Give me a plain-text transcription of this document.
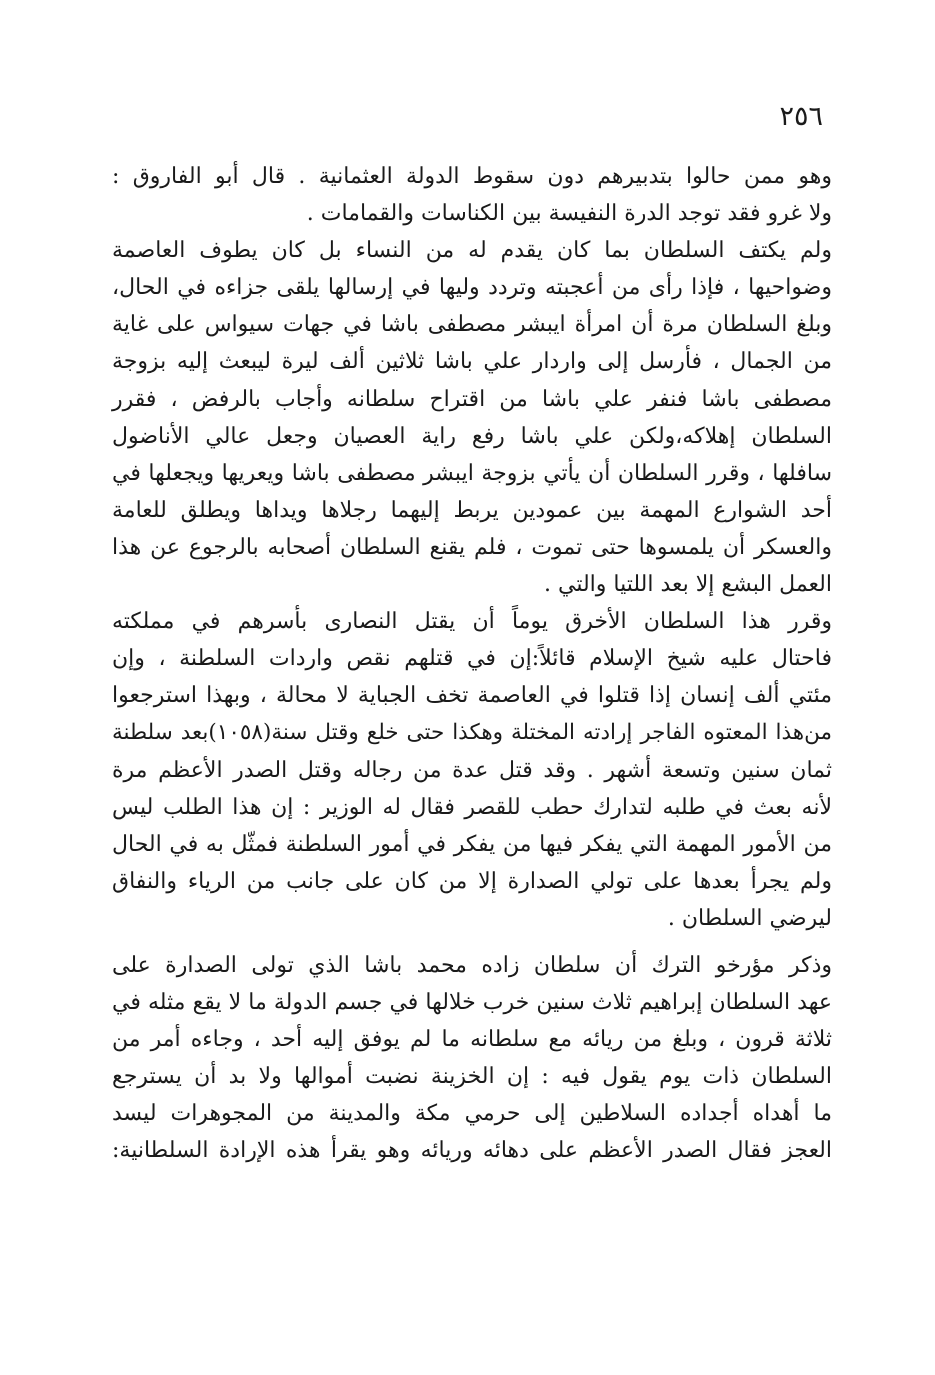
٢٥٦
وهو ممن حالوا بتدبيرهم دون سقوط الدولة العثمانية . قال أبو الفاروق :
ولا غرو فقد توجد الدرة النفيسة بين الكناسات والقمامات .
ولم يكتف السلطان بما كان يقدم له من النساء بل كان يطوف العاصمة
وضواحيها ، فإذا رأى من أعجبته وتردد وليها في إرسالها يلقى جزاءه في الحال،
وبلغ السلطان مرة أن امرأة ايبشر مصطفى باشا في جهات سيواس على غاية
من الجمال ، فأرسل إلى واردار علي باشا ثلاثين ألف ليرة ليبعث إليه بزوجة
مصطفى باشا فنفر علي باشا من اقتراح سلطانه وأجاب بالرفض ، فقرر
السلطان إهلاكه،ولكن علي باشا رفع راية العصيان وجعل عالي الأناضول
سافلها ، وقرر السلطان أن يأتي بزوجة ايبشر مصطفى باشا ويعريها ويجعلها في
أحد الشوارع المهمة بين عمودين يربط إليهما رجلاها ويداها ويطلق للعامة
والعسكر أن يلمسوها حتى تموت ، فلم يقنع السلطان أصحابه بالرجوع عن هذا
العمل البشع إلا بعد اللتيا والتي .
وقرر هذا السلطان الأخرق يوماً أن يقتل النصارى بأسرهم في مملكته
فاحتال عليه شيخ الإسلام قائلاً:إن في قتلهم نقص واردات السلطنة ، وإن
مئتي ألف إنسان إذا قتلوا في العاصمة تخف الجباية لا محالة ، وبهذا استرجعوا
من‌هذا المعتوه الفاجر إرادته المختلة وهكذا حتى خلع وقتل سنة(١٠٥٨)بعد سلطنة
ثمان سنين وتسعة أشهر . وقد قتل عدة من رجاله وقتل الصدر الأعظم مرة
لأنه بعث في طلبه لتدارك حطب للقصر فقال له الوزير : إن هذا الطلب ليس
من الأمور المهمة التي يفكر فيها من يفكر في أمور السلطنة فمثّل به في الحال
ولم يجرأ بعدها على تولي الصدارة إلا من كان على جانب من الرياء والنفاق
ليرضي السلطان .
وذكر مؤرخو الترك أن سلطان زاده محمد باشا الذي تولى الصدارة على
عهد السلطان إبراهيم ثلاث سنين خرب خلالها في جسم الدولة ما لا يقع مثله في
ثلاثة قرون ، وبلغ من ريائه مع سلطانه ما لم يوفق إليه أحد ، وجاءه أمر من
السلطان ذات يوم يقول فيه : إن الخزينة نضبت أموالها ولا بد أن يسترجع
ما أهداه أجداده السلاطين إلى حرمي مكة والمدينة من المجوهرات ليسد
العجز فقال الصدر الأعظم على دهائه وريائه وهو يقرأ هذه الإرادة السلطانية:
